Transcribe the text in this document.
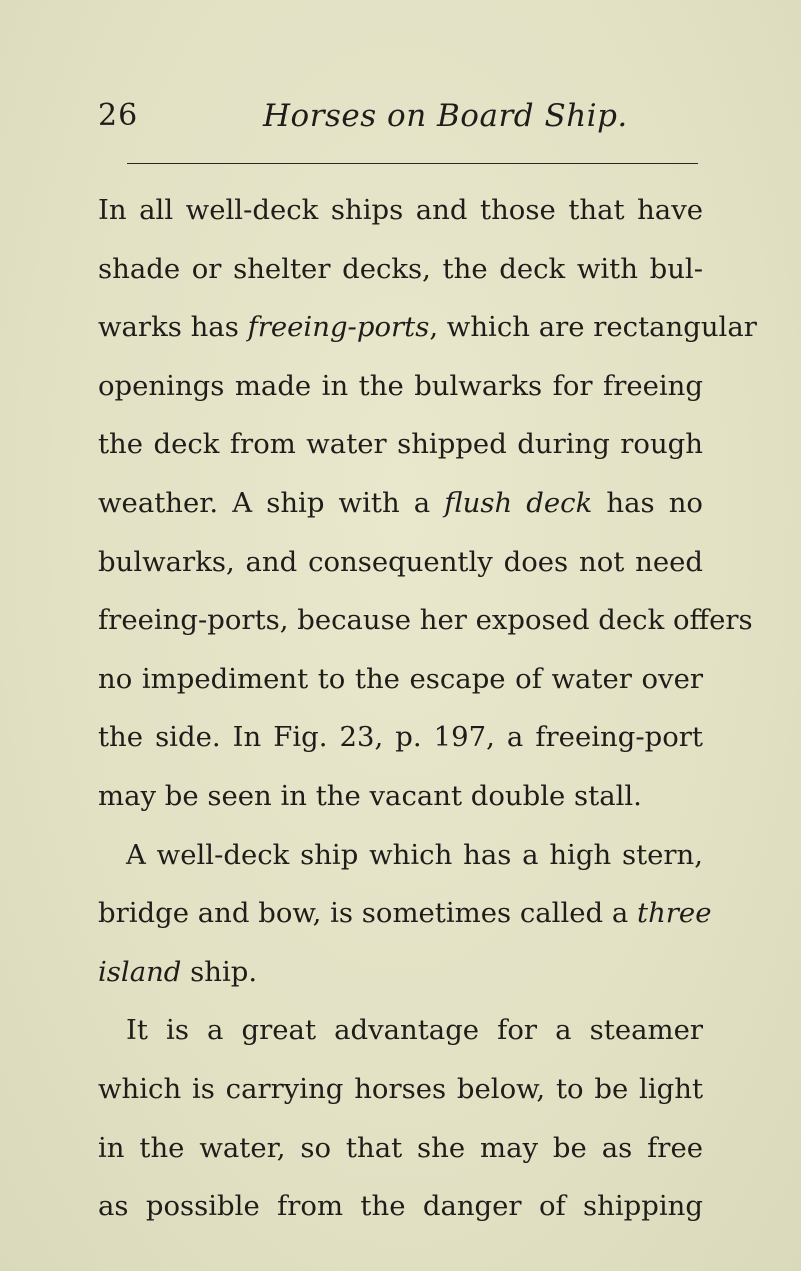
26	Horses on Board Ship.
In all well-deck ships and those that have
shade or shelter decks, the deck with bul-
warks has freeing-ports, which are rectangular
openings made in the bulwarks for freeing
the deck from water shipped during rough
weather. A ship with a flush deck has no
bulwarks, and consequently does not need
freeing-ports, because her exposed deck offers
no impediment to the escape of water over
the side. In Fig. 23, p. 197, a freeing-port
may be seen in the vacant double stall.
A well-deck ship which has a high stern,
bridge and bow, is sometimes called a three
island ship.
It is a great advantage for a steamer
which is carrying horses below, to be light
in the water, so that she may be as free
as possible from the danger of shipping
